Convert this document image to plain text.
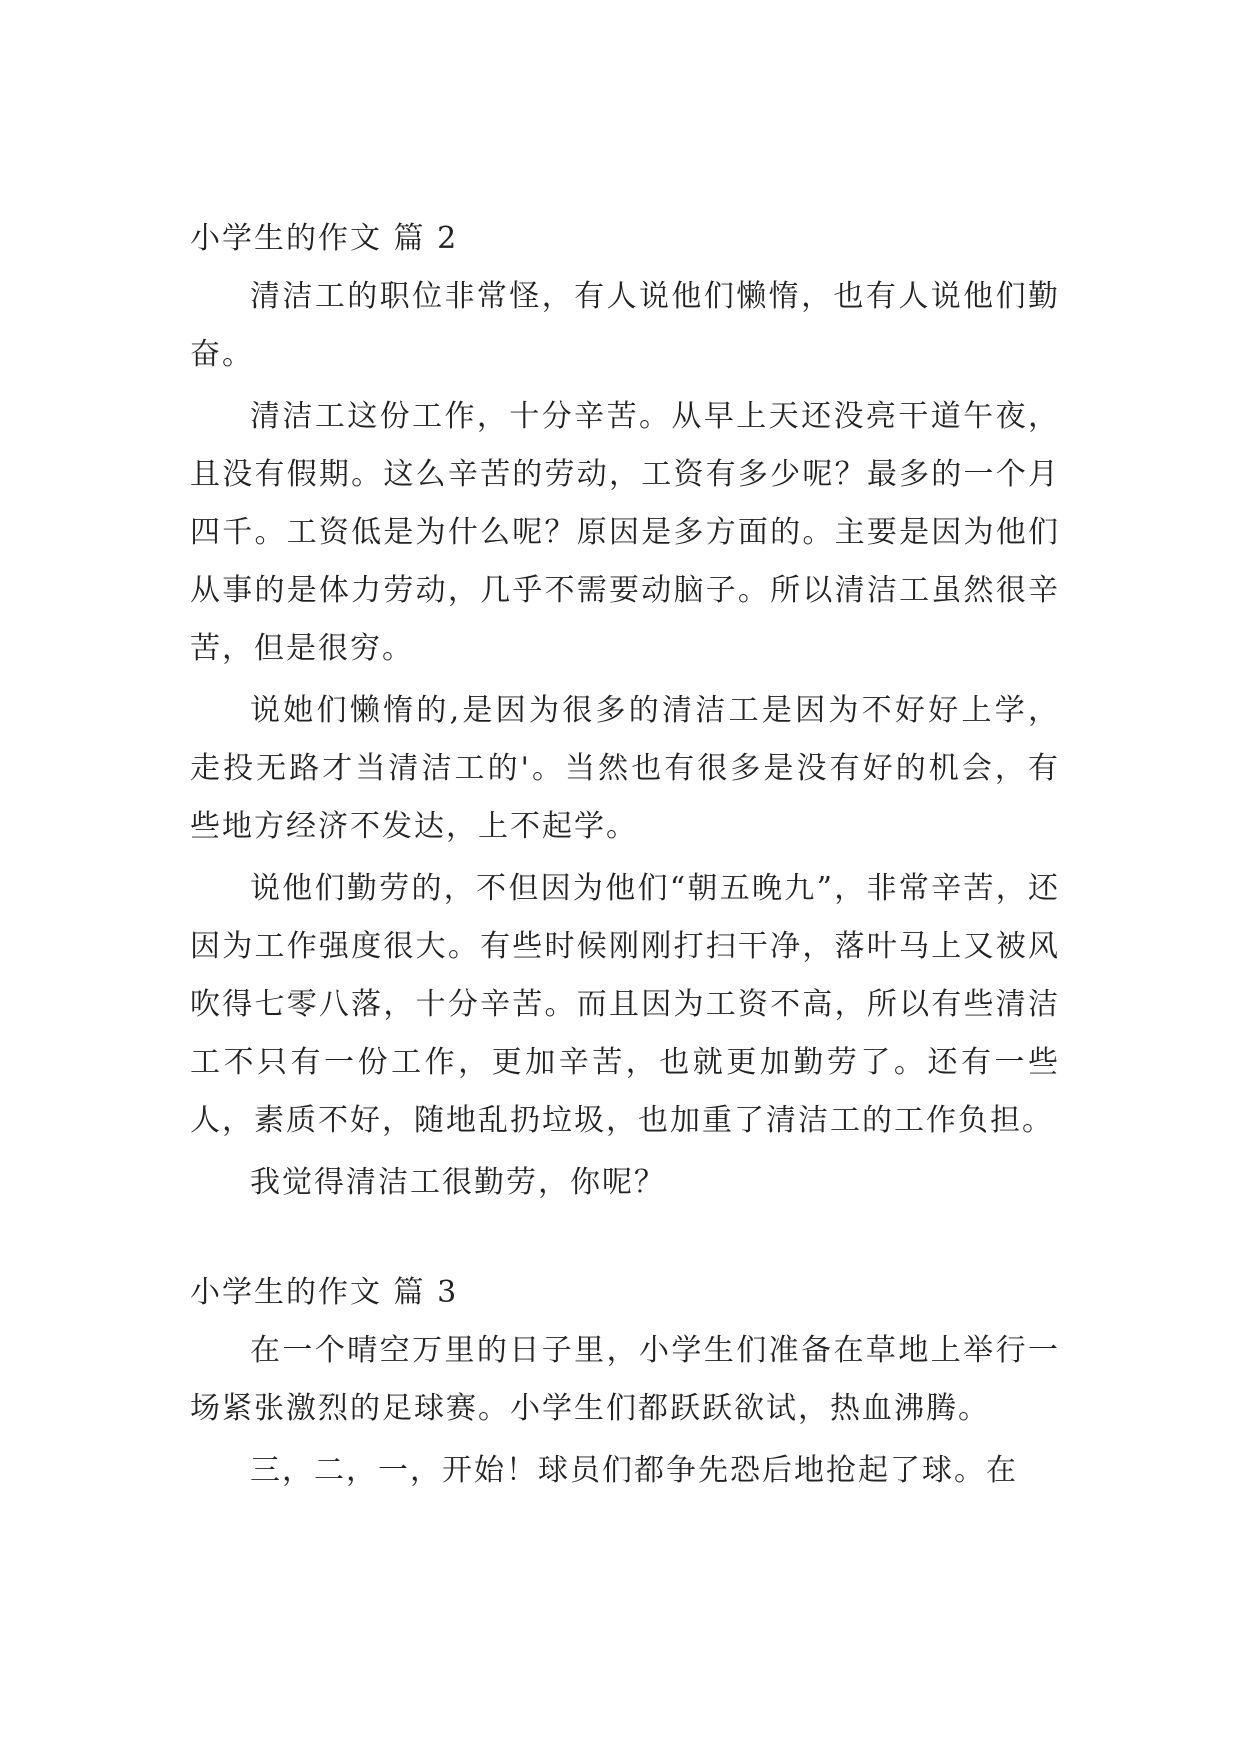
小学生的作文 篇 2

清洁工的职位非常怪，有人说他们懒惰，也有人说他们勤奋。

清洁工这份工作，十分辛苦。从早上天还没亮干道午夜，且没有假期。这么辛苦的劳动，工资有多少呢？最多的一个月四千。工资低是为什么呢？原因是多方面的。主要是因为他们从事的是体力劳动，几乎不需要动脑子。所以清洁工虽然很辛苦，但是很穷。

说她们懒惰的,是因为很多的清洁工是因为不好好上学，走投无路才当清洁工的'。当然也有很多是没有好的机会，有些地方经济不发达，上不起学。

说他们勤劳的，不但因为他们“朝五晚九”，非常辛苦，还因为工作强度很大。有些时候刚刚打扫干净，落叶马上又被风吹得七零八落，十分辛苦。而且因为工资不高，所以有些清洁工不只有一份工作，更加辛苦，也就更加勤劳了。还有一些人，素质不好，随地乱扔垃圾，也加重了清洁工的工作负担。

我觉得清洁工很勤劳，你呢？

小学生的作文 篇 3

在一个晴空万里的日子里，小学生们准备在草地上举行一场紧张激烈的足球赛。小学生们都跃跃欲试，热血沸腾。

三，二，一，开始！球员们都争先恐后地抢起了球。在
